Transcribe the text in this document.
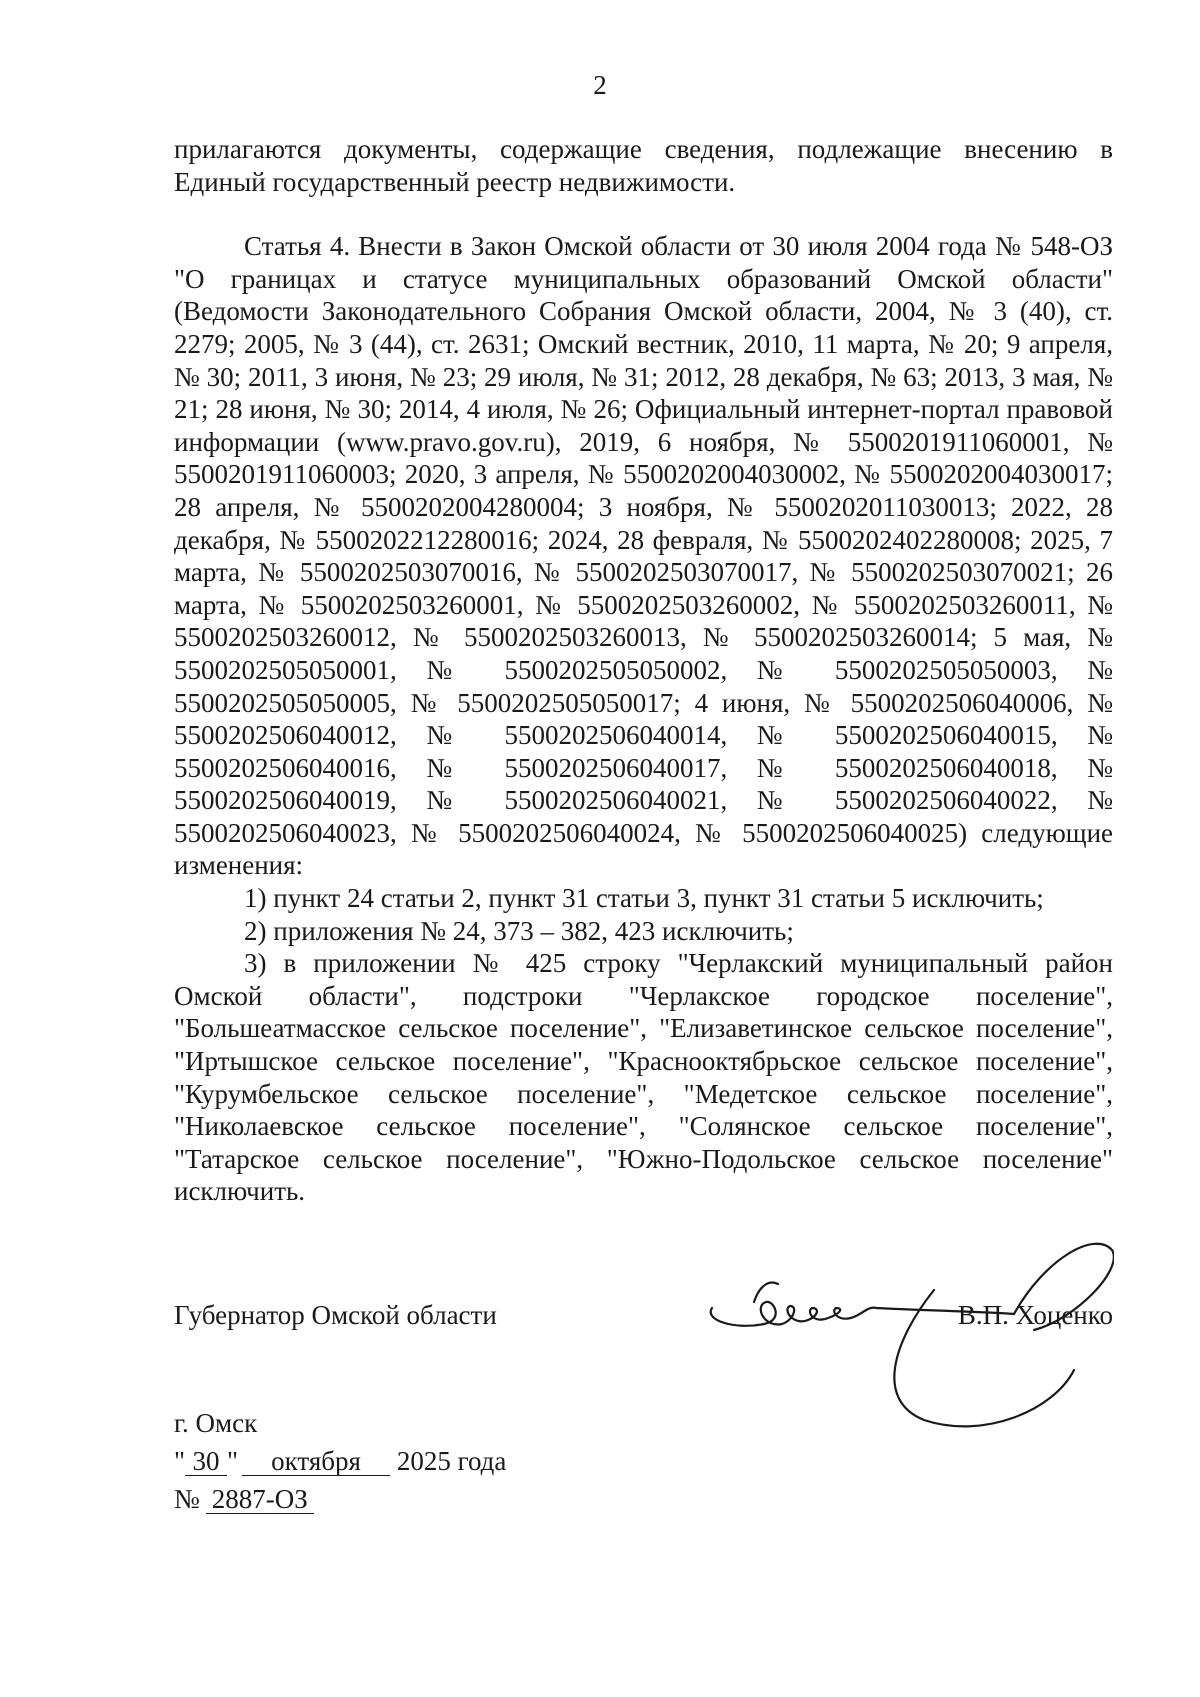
2

прилагаются документы, содержащие сведения, подлежащие внесению в Единый государственный реестр недвижимости.

Статья 4. Внести в Закон Омской области от 30 июля 2004 года № 548-ОЗ "О границах и статусе муниципальных образований Омской области" (Ведомости Законодательного Собрания Омской области, 2004, № 3 (40), ст. 2279; 2005, № 3 (44), ст. 2631; Омский вестник, 2010, 11 марта, № 20; 9 апреля, № 30; 2011, 3 июня, № 23; 29 июля, № 31; 2012, 28 декабря, № 63; 2013, 3 мая, № 21; 28 июня, № 30; 2014, 4 июля, № 26; Официальный интернет-портал правовой информации (www.pravo.gov.ru), 2019, 6 ноября, № 5500201911060001, № 5500201911060003; 2020, 3 апреля, № 5500202004030002, № 5500202004030017; 28 апреля, № 5500202004280004; 3 ноября, № 5500202011030013; 2022, 28 декабря, № 5500202212280016; 2024, 28 февраля, № 5500202402280008; 2025, 7 марта, № 5500202503070016, № 5500202503070017, № 5500202503070021; 26 марта, № 5500202503260001, № 5500202503260002, № 5500202503260011, № 5500202503260012, № 5500202503260013, № 5500202503260014; 5 мая, № 5500202505050001, № 5500202505050002, № 5500202505050003, № 5500202505050005, № 5500202505050017; 4 июня, № 5500202506040006, № 5500202506040012, № 5500202506040014, № 5500202506040015, № 5500202506040016, № 5500202506040017, № 5500202506040018, № 5500202506040019, № 5500202506040021, № 5500202506040022, № 5500202506040023, № 5500202506040024, № 5500202506040025) следующие изменения:

1) пункт 24 статьи 2, пункт 31 статьи 3, пункт 31 статьи 5 исключить;

2) приложения № 24, 373 – 382, 423 исключить;

3) в приложении № 425 строку "Черлакский муниципальный район Омской области", подстроки "Черлакское городское поселение", "Большеатмасское сельское поселение", "Елизаветинское сельское поселение", "Иртышское сельское поселение", "Краснооктябрьское сельское поселение", "Курумбельское сельское поселение", "Медетское сельское поселение", "Николаевское сельское поселение", "Солянское сельское поселение", "Татарское сельское поселение", "Южно-Подольское сельское поселение" исключить.

Губернатор Омской области	В.П. Хоценко
г. Омск
" 30 " октября 2025 года
№ 2887-ОЗ
